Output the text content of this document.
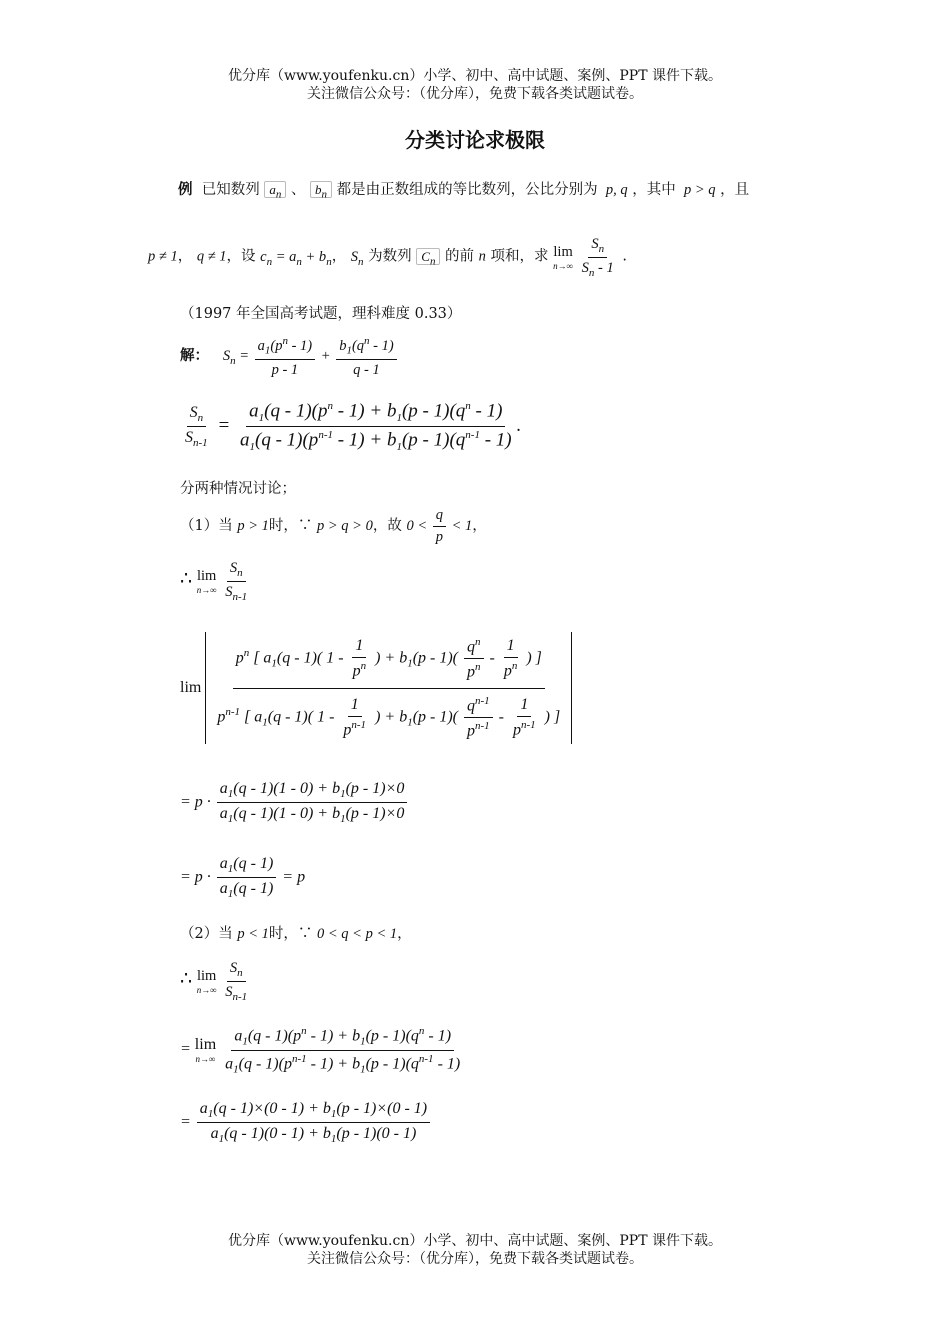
优分库（www.youfenku.cn）小学、初中、高中试题、案例、PPT 课件下载。
关注微信公众号：（优分库），免费下载各类试题试卷。
分类讨论求极限
例 已知数列 $a_n$ 、 $b_n$ 都是由正数组成的等比数列，公比分别为  p, q ，其中  p > q ，且
p ≠ 1， q ≠ 1，设 $c_n = a_n + b_n$， $S_n$ 为数列 $C_n$ 的前 n 项和，求 lim
n→∞
$\frac{S_n}{S_n - 1}$ .
（1997 年全国高考试题，理科难度 0.33）
解： $S_n = \frac{a_1(p^n - 1)}{p - 1} + \frac{b_1(q^n - 1)}{q - 1}$
$\frac{S_n}{S_{n-1}} = \frac{a_1(q - 1)(p^n - 1) + b_1(p - 1)(q^n - 1)}{a_1(q - 1)(p^{n-1} - 1) + b_1(p - 1)(q^{n-1} - 1)}$ .
分两种情况讨论；
（1）当 p > 1时，∵ p > q > 0，故 $0 < \frac{q}{p} < 1$，
∴ lim
n→∞
$\frac{S_n}{S_{n-1}}$
lim
$p^n$ [ $a_1(q - 1)$( $1 - \frac{1}{p^n}$ ) + $b_1(p - 1)( \frac{q^n}{p^n} - \frac{1}{p^n}$ ) ]
$p^{n-1}$ [ $a_1(q - 1)$( $1 - \frac{1}{p^{n-1}}$ ) + $b_1(p - 1)( \frac{q^{n-1}}{p^{n-1}} - \frac{1}{p^{n-1}}$ ) ]
= $p \cdot \frac{a_1(q - 1)(1 - 0) + b_1(p - 1)\times 0}{a_1(q - 1)(1 - 0) + b_1(p - 1)\times 0}$
= $p \cdot \frac{a_1(q - 1)}{a_1(q - 1)} = p$
（2）当 p < 1时，∵ 0 < q < p < 1，
∴ lim
n→∞
$\frac{S_n}{S_{n-1}}$
= lim
n→∞
$\frac{a_1(q - 1)(p^n - 1) + b_1(p - 1)(q^n - 1)}{a_1(q - 1)(p^{n-1} - 1) + b_1(p - 1)(q^{n-1} - 1)}$
= $\frac{a_1(q - 1)\times(0 - 1) + b_1(p - 1)\times(0 - 1)}{a_1(q - 1)(0 - 1) + b_1(p - 1)(0 - 1)}$
优分库（www.youfenku.cn）小学、初中、高中试题、案例、PPT 课件下载。
关注微信公众号：（优分库），免费下载各类试题试卷。
